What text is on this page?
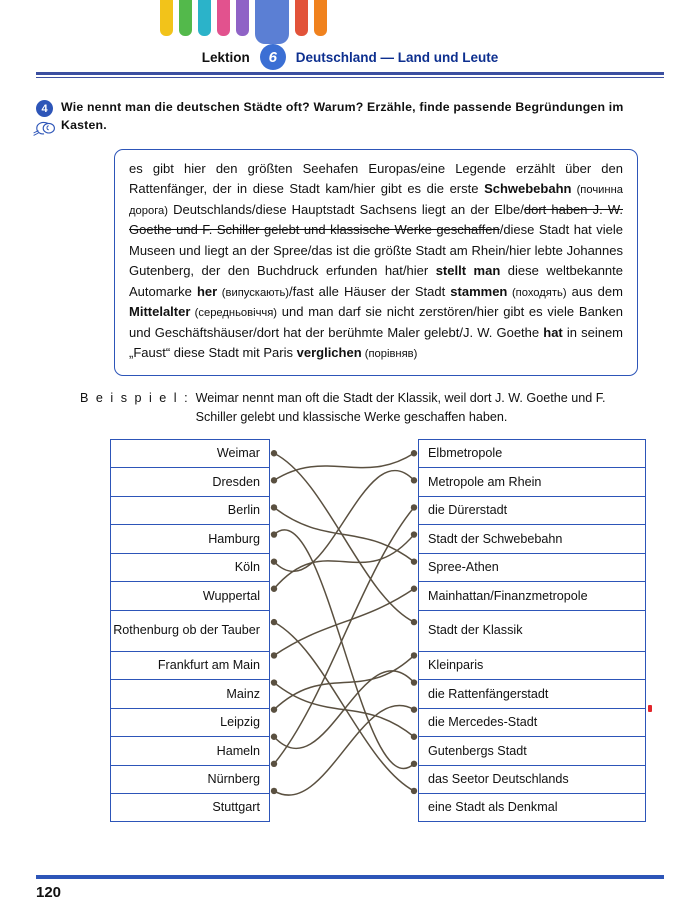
Lektion	6	Deutschland — Land und Leute
4	Wie nennt man die deutschen Städte oft? Warum? Erzähle, finde passende Begründungen im Kasten.
es gibt hier den größten Seehafen Europas/eine Legende erzählt über den Rattenfänger, der in diese Stadt kam/hier gibt es die erste Schwebebahn (починна дорога) Deutschlands/diese Hauptstadt Sachsens liegt an der Elbe/dort haben J. W. Goethe und F. Schiller gelebt und klassische Werke geschaffen/diese Stadt hat viele Museen und liegt an der Spree/das ist die größte Stadt am Rhein/hier lebte Johannes Gutenberg, der den Buchdruck erfunden hat/hier stellt man diese weltbekannte Automarke her (випускають)/fast alle Häuser der Stadt stammen (походять) aus dem Mittelalter (середньовіччя) und man darf sie nicht zerstören/hier gibt es viele Banken und Geschäftshäuser/dort hat der berühmte Maler gelebt/J. W. Goethe hat in seinem „Faust“ diese Stadt mit Paris verglichen (порівняв)
B e i s p i e l : Weimar nennt man oft die Stadt der Klassik, weil dort J. W. Goethe und F. Schiller gelebt und klassische Werke geschaffen haben.
Weimar
Dresden
Berlin
Hamburg
Köln
Wuppertal
Rothenburg ob der Tauber
Frankfurt am Main
Mainz
Leipzig
Hameln
Nürnberg
Stuttgart
Elbmetropole
Metropole am Rhein
die Dürerstadt
Stadt der Schwebebahn
Spree-Athen
Mainhattan/Finanzmetropole
Stadt der Klassik
Kleinparis
die Rattenfängerstadt
die Mercedes-Stadt
Gutenbergs Stadt
das Seetor Deutschlands
eine Stadt als Denkmal
120
